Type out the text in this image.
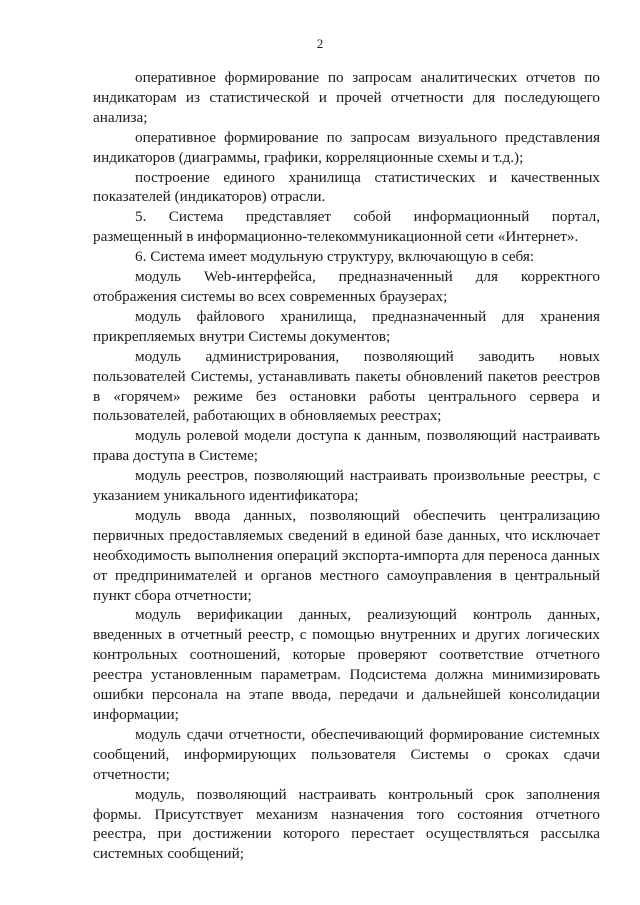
2

оперативное формирование по запросам аналитических отчетов по индикаторам из статистической и прочей отчетности для последующего анализа;

оперативное формирование по запросам визуального представления индикаторов (диаграммы, графики, корреляционные схемы и т.д.);

построение единого хранилища статистических и качественных показателей (индикаторов) отрасли.

5. Система представляет собой информационный портал, размещенный в информационно-телекоммуникационной сети «Интернет».

6. Система имеет модульную структуру, включающую в себя:

модуль Web-интерфейса, предназначенный для корректного отображения системы во всех современных браузерах;

модуль файлового хранилища, предназначенный для хранения прикрепляемых внутри Системы документов;

модуль администрирования, позволяющий заводить новых пользователей Системы, устанавливать пакеты обновлений пакетов реестров в «горячем» режиме без остановки работы центрального сервера и пользователей, работающих в обновляемых реестрах;

модуль ролевой модели доступа к данным, позволяющий настраивать права доступа в Системе;

модуль реестров, позволяющий настраивать произвольные реестры, с указанием уникального идентификатора;

модуль ввода данных, позволяющий обеспечить централизацию первичных предоставляемых сведений в единой базе данных, что исключает необходимость выполнения операций экспорта-импорта для переноса данных от предпринимателей и органов местного самоуправления в центральный пункт сбора отчетности;

модуль верификации данных, реализующий контроль данных, введенных в отчетный реестр, с помощью внутренних и других логических контрольных соотношений, которые проверяют соответствие отчетного реестра установленным параметрам. Подсистема должна минимизировать ошибки персонала на этапе ввода, передачи и дальнейшей консолидации информации;

модуль сдачи отчетности, обеспечивающий формирование системных сообщений, информирующих пользователя Системы о сроках сдачи отчетности;

модуль, позволяющий настраивать контрольный срок заполнения формы. Присутствует механизм назначения того состояния отчетного реестра, при достижении которого перестает осуществляться рассылка системных сообщений;
